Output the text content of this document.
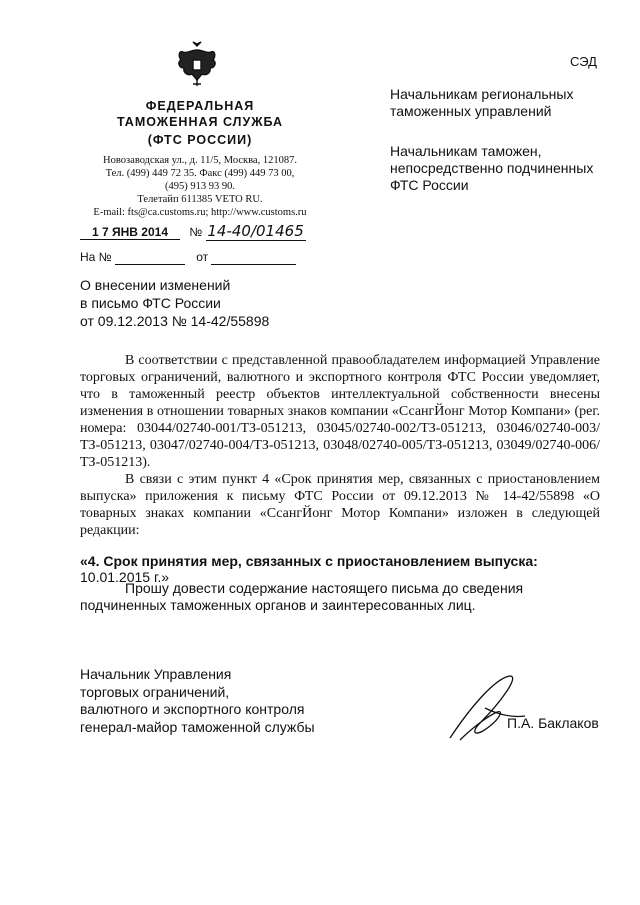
СЭД
ФЕДЕРАЛЬНАЯ
ТАМОЖЕННАЯ СЛУЖБА
(ФТС РОССИИ)
Новозаводская ул., д. 11/5, Москва, 121087.
Тел. (499) 449 72 35. Факс (499) 449 73 00,
(495) 913 93 90.
Телетайп 611385 VETO RU.
E-mail: fts@ca.customs.ru; http://www.customs.ru
1 7 ЯНВ 2014 № 14-40/01465
На №	от
Начальникам региональных
таможенных управлений
Начальникам таможен,
непосредственно подчиненных
ФТС России
О внесении изменений
в письмо ФТС России
от 09.12.2013 № 14-42/55898
В соответствии с представленной правообладателем информацией Управление торговых ограничений, валютного и экспортного контроля ФТС России уведомляет, что в таможенный реестр объектов интеллектуальной собственности внесены изменения в отношении товарных знаков компании «СсангЙонг Мотор Компани» (рег. номера: 03044/02740-001/ТЗ-051213, 03045/02740-002/ТЗ-051213, 03046/02740-003/ТЗ-051213, 03047/02740-004/ТЗ-051213, 03048/02740-005/ТЗ-051213, 03049/02740-006/ТЗ-051213).
В связи с этим пункт 4 «Срок принятия мер, связанных с приостановлением выпуска» приложения к письму ФТС России от 09.12.2013 № 14-42/55898 «О товарных знаках компании «СсангЙонг Мотор Компани» изложен в следующей редакции:
«4. Срок принятия мер, связанных с приостановлением выпуска: 10.01.2015 г.»
Прошу довести содержание настоящего письма до сведения подчиненных таможенных органов и заинтересованных лиц.
Начальник Управления
торговых ограничений,
валютного и экспортного контроля
генерал-майор таможенной службы	П.А. Баклаков
